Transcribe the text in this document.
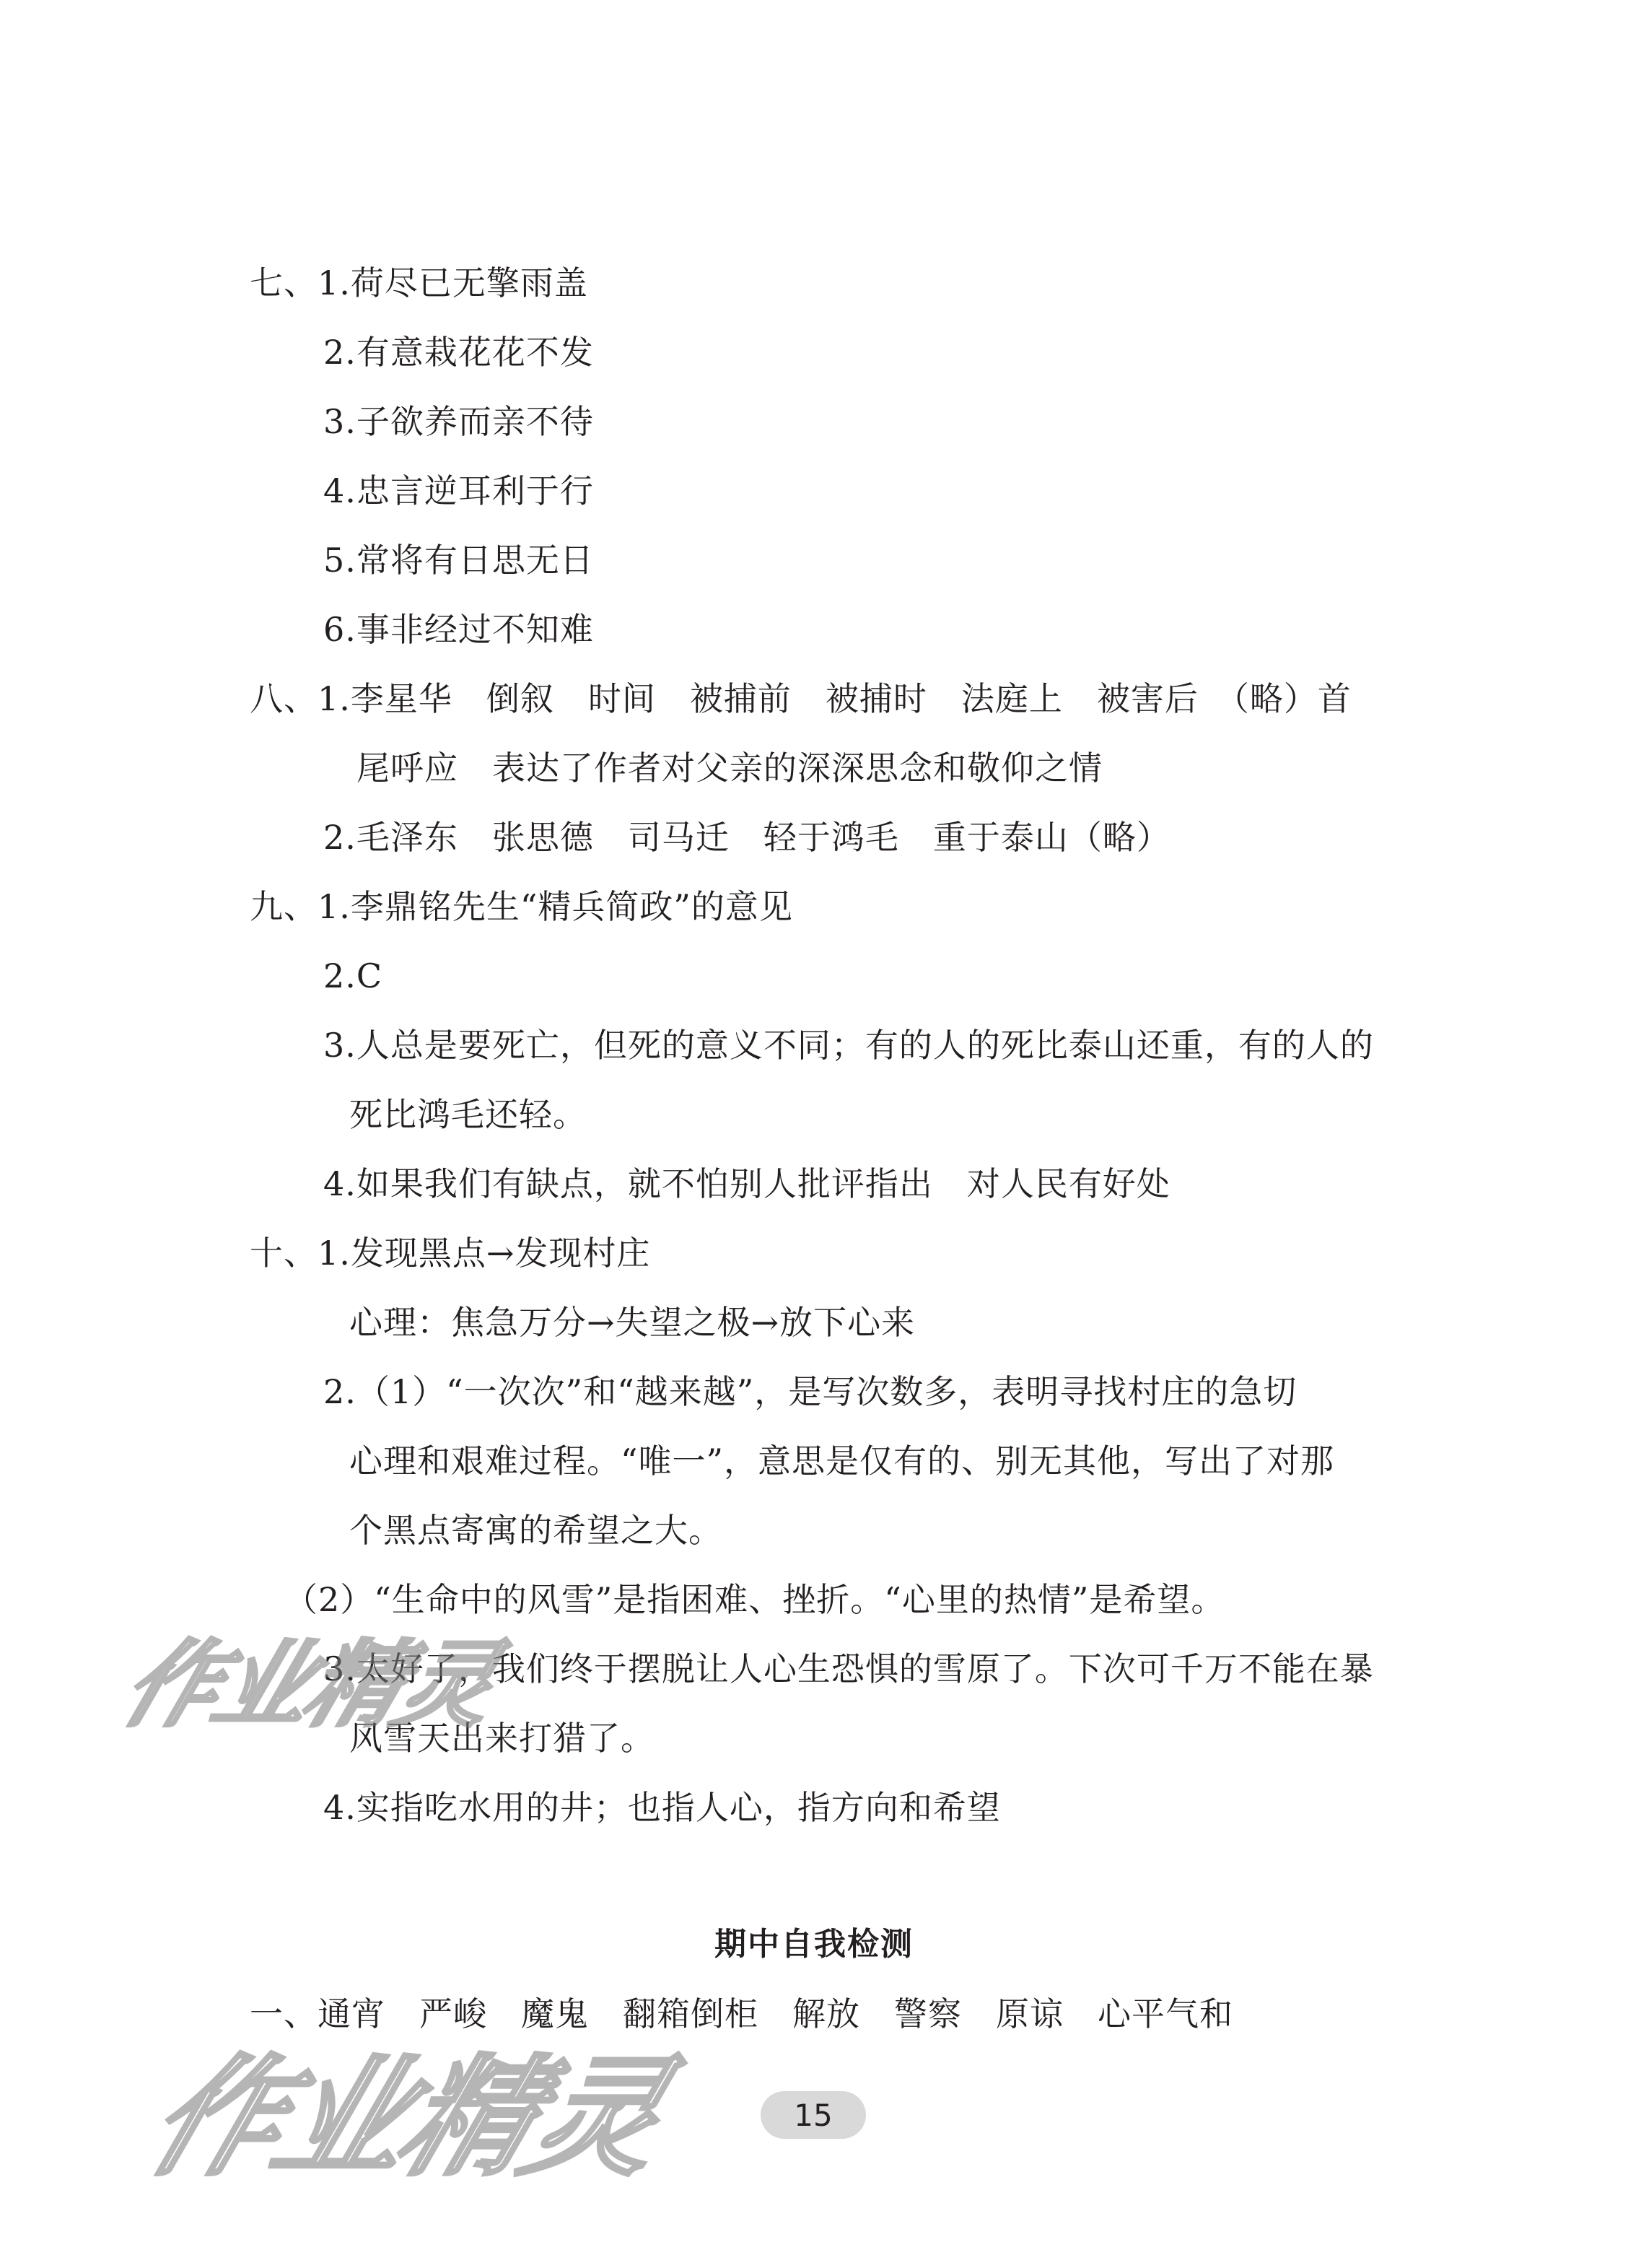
七、1.荷尽已无擎雨盖
2.有意栽花花不发
3.子欲养而亲不待
4.忠言逆耳利于行
5.常将有日思无日
6.事非经过不知难
八、1.李星华　倒叙　时间　被捕前　被捕时　法庭上　被害后　（略）首
尾呼应　表达了作者对父亲的深深思念和敬仰之情
2.毛泽东　张思德　司马迁　轻于鸿毛　重于泰山（略）
九、1.李鼎铭先生“精兵简政”的意见
2.C
3.人总是要死亡，但死的意义不同；有的人的死比泰山还重，有的人的
死比鸿毛还轻。
4.如果我们有缺点，就不怕别人批评指出　对人民有好处
十、1.发现黑点→发现村庄
心理：焦急万分→失望之极→放下心来
2.（1）“一次次”和“越来越”，是写次数多，表明寻找村庄的急切
心理和艰难过程。“唯一”，意思是仅有的、别无其他，写出了对那
个黑点寄寓的希望之大。
（2）“生命中的风雪”是指困难、挫折。“心里的热情”是希望。
3.太好了，我们终于摆脱让人心生恐惧的雪原了。下次可千万不能在暴
风雪天出来打猎了。
4.实指吃水用的井；也指人心，指方向和希望
期中自我检测
一、通宵　严峻　魔鬼　翻箱倒柜　解放　警察　原谅　心平气和
作业精灵
作业精灵	15
